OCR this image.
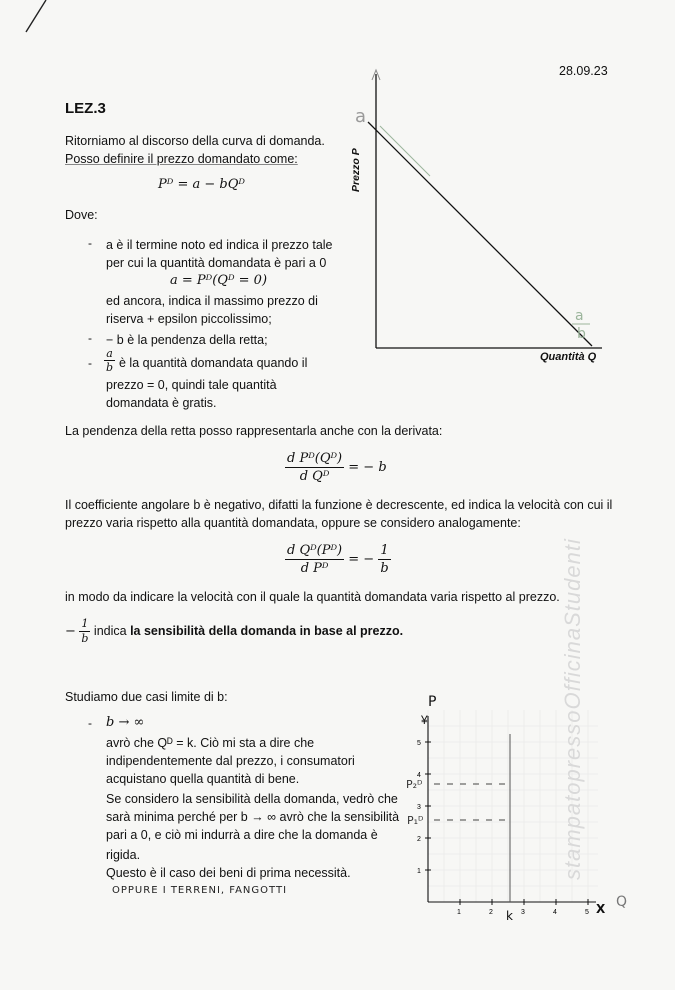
28.09.23
LEZ.3
Ritorniamo al discorso della curva di domanda.
Posso definire il prezzo domandato come:
Pᴰ = a − bQᴰ
Dove:
- a è il termine noto ed indica il prezzo tale
per cui la quantità domandata è pari a 0
a = Pᴰ(Qᴰ = 0)
ed ancora, indica il massimo prezzo di
riserva + epsilon piccolissimo;
- − b è la pendenza della retta;
- $\frac{a}{b}$ è la quantità domandata quando il
prezzo = 0, quindi tale quantità
domandata è gratis.
Prezzo P
Quantità Q
a
a
b
La pendenza della retta posso rappresentarla anche con la derivata:
$\frac{\text{d Pᴰ(Qᴰ)}}{\text{d Qᴰ}}$ = − b
Il coefficiente angolare b è negativo, difatti la funzione è decrescente, ed indica la velocità con cui il
prezzo varia rispetto alla quantità domandata, oppure se considero analogamente:
$\frac{\text{d Qᴰ(Pᴰ)}}{\text{d Pᴰ}}$ = − $\frac{1}{b}$
in modo da indicare la velocità con il quale la quantità domandata varia rispetto al prezzo.
− $\frac{1}{b}$ indica la sensibilità della domanda in base al prezzo.
Studiamo due casi limite di b:
- b → ∞
avrò che Qᴰ = k. Ciò mi sta a dire che
indipendentemente dal prezzo, i consumatori
acquistano quella quantità di bene.
Se considero la sensibilità della domanda, vedrò che
sarà minima perché per b → ∞ avrò che la sensibilità
pari a 0, e ciò mi indurrà a dire che la domanda è
rigida.
Questo è il caso dei beni di prima necessità.
OPPURE I TERRENI, FANGOTTI
¥
P
X Q
1
2
3
4
5
1	2	3	4	5
P₂ᴰ
P₁ᴰ
k
stampatopressoOfficinaStudenti
